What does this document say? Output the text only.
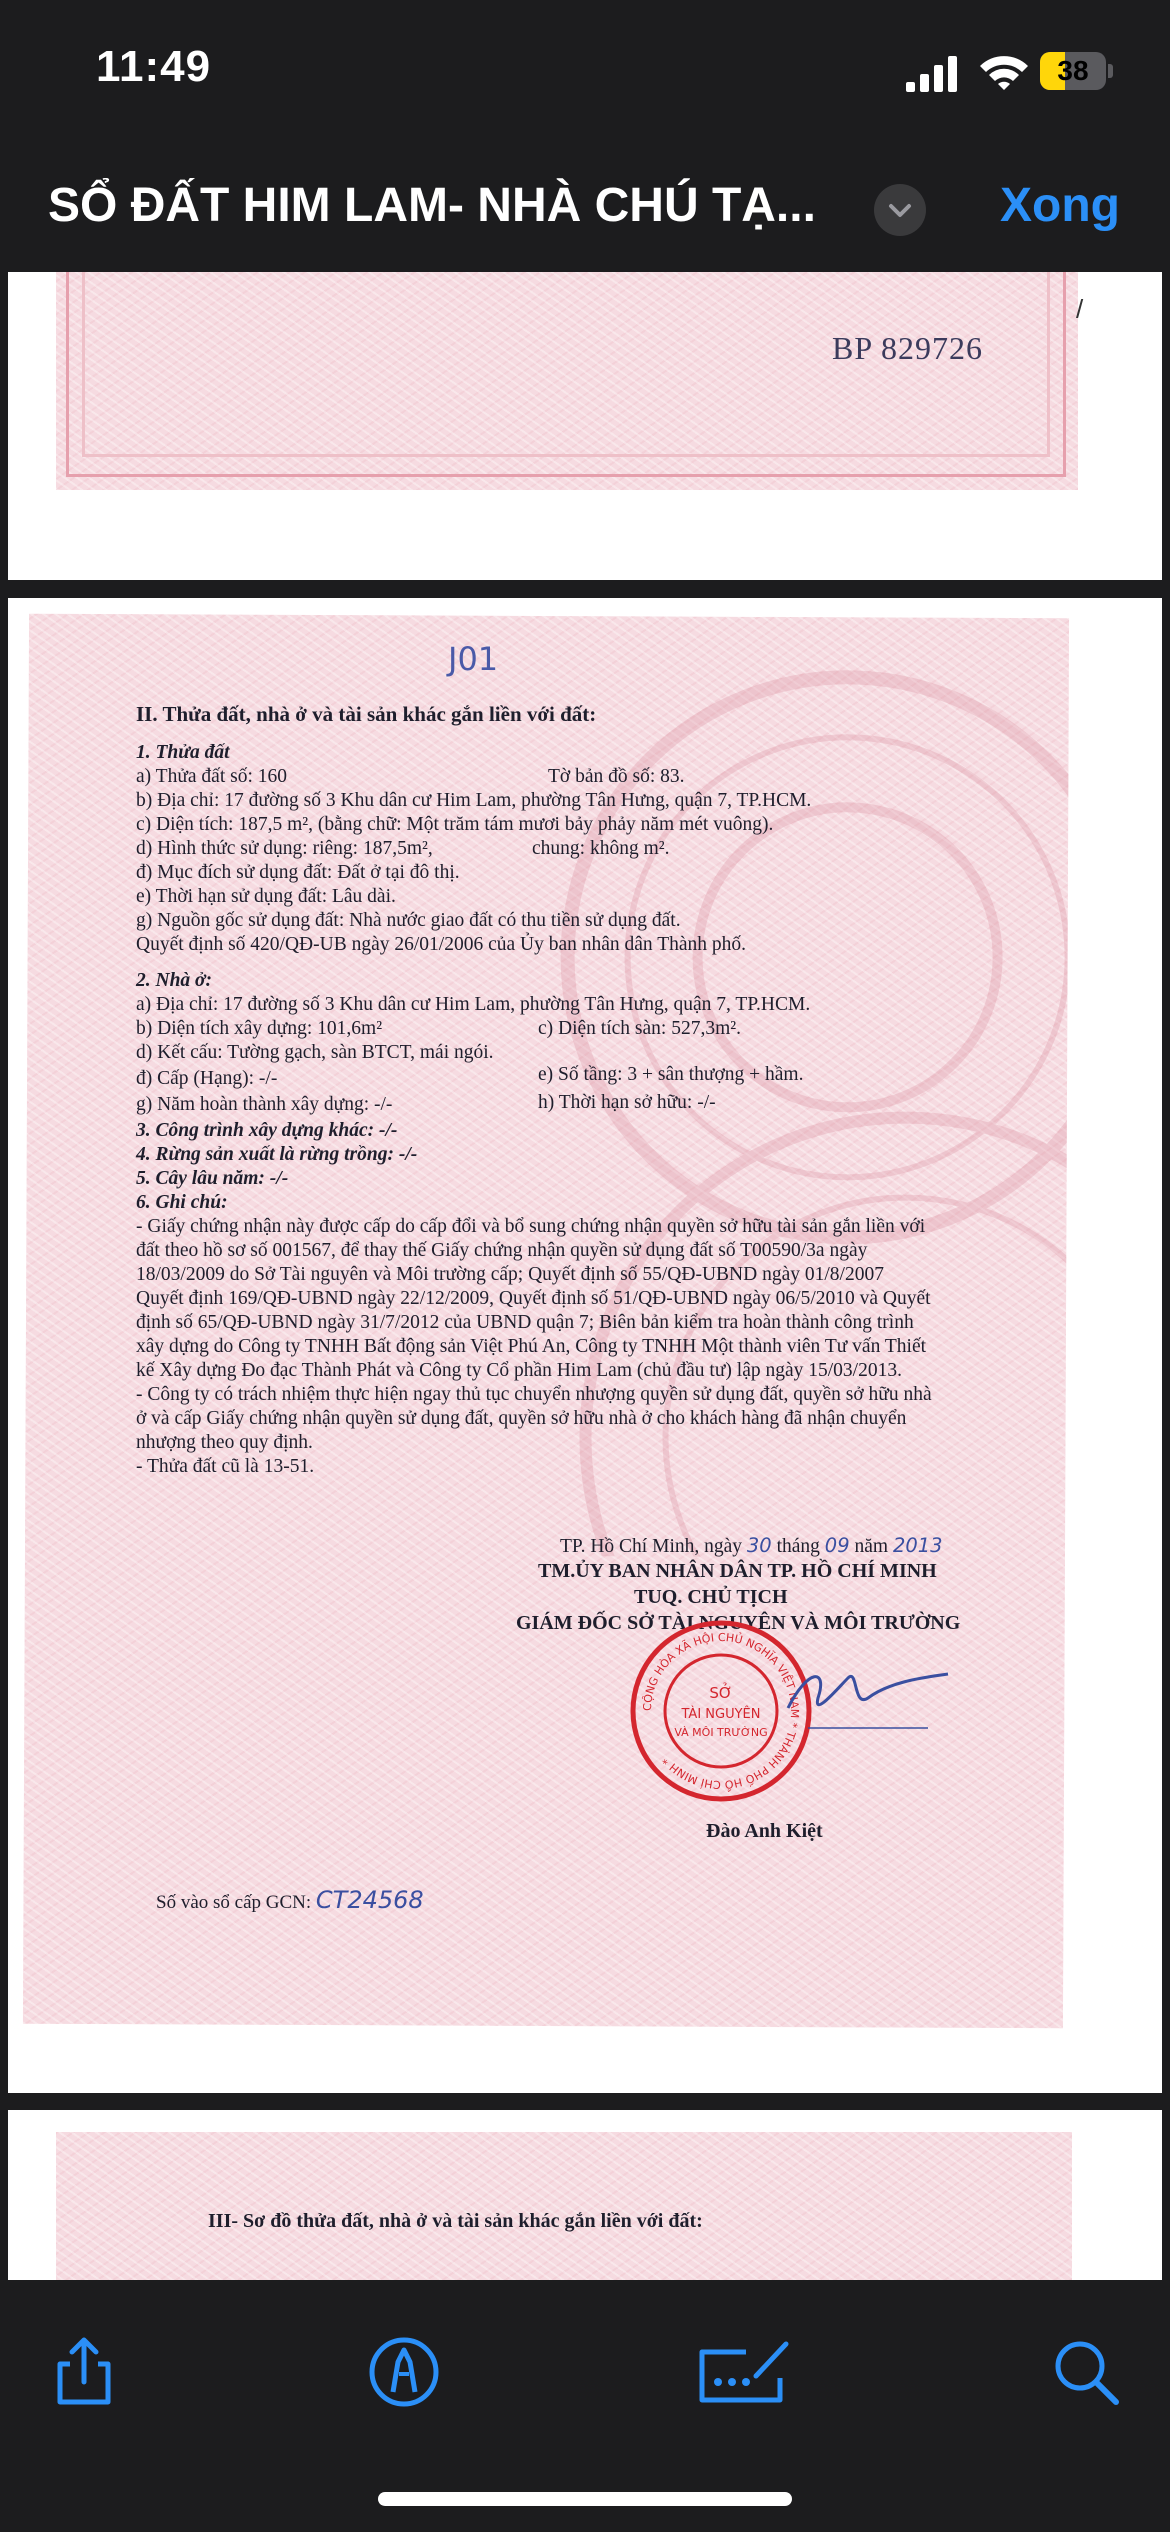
11:49	38
SỔ ĐẤT HIM LAM- NHÀ CHÚ TẠ...	Xong
BP 829726
/
J01
II. Thửa đất, nhà ở và tài sản khác gắn liền với đất:
1. Thửa đất
a) Thửa đất số: 160	Tờ bản đồ số: 83.
b) Địa chỉ: 17 đường số 3 Khu dân cư Him Lam, phường Tân Hưng, quận 7, TP.HCM.
c) Diện tích: 187,5 m², (bằng chữ: Một trăm tám mươi bảy phảy năm mét vuông).
d) Hình thức sử dụng: riêng: 187,5m²,	chung: không m².
đ) Mục đích sử dụng đất: Đất ở tại đô thị.
e) Thời hạn sử dụng đất: Lâu dài.
g) Nguồn gốc sử dụng đất: Nhà nước giao đất có thu tiền sử dụng đất.
Quyết định số 420/QĐ-UB ngày 26/01/2006 của Ủy ban nhân dân Thành phố.
2. Nhà ở:
a) Địa chỉ: 17 đường số 3 Khu dân cư Him Lam, phường Tân Hưng, quận 7, TP.HCM.
b) Diện tích xây dựng: 101,6m²	c) Diện tích sàn: 527,3m².
d) Kết cấu: Tường gạch, sàn BTCT, mái ngói.
đ) Cấp (Hạng): -/-	e) Số tầng: 3 + sân thượng + hầm.
g) Năm hoàn thành xây dựng: -/-	h) Thời hạn sở hữu: -/-
3. Công trình xây dựng khác: -/-
4. Rừng sản xuất là rừng trồng: -/-
5. Cây lâu năm: -/-
6. Ghi chú:
- Giấy chứng nhận này được cấp do cấp đổi và bổ sung chứng nhận quyền sở hữu tài sản gắn liền với
đất theo hồ sơ số 001567, để thay thế Giấy chứng nhận quyền sử dụng đất số T00590/3a ngày
18/03/2009 do Sở Tài nguyên và Môi trường cấp; Quyết định số 55/QĐ-UBND ngày 01/8/2007
Quyết định 169/QĐ-UBND ngày 22/12/2009, Quyết định số 51/QĐ-UBND ngày 06/5/2010 và Quyết
định số 65/QĐ-UBND ngày 31/7/2012 của UBND quận 7; Biên bản kiểm tra hoàn thành công trình
xây dựng do Công ty TNHH Bất động sản Việt Phú An, Công ty TNHH Một thành viên Tư vấn Thiết
kế Xây dựng Đo đạc Thành Phát và Công ty Cổ phần Him Lam (chủ đầu tư) lập ngày 15/03/2013.
- Công ty có trách nhiệm thực hiện ngay thủ tục chuyển nhượng quyền sử dụng đất, quyền sở hữu nhà
ở và cấp Giấy chứng nhận quyền sử dụng đất, quyền sở hữu nhà ở cho khách hàng đã nhận chuyển
nhượng theo quy định.
- Thửa đất cũ là 13-51.
TP. Hồ Chí Minh, ngày 30 tháng 09 năm 2013
TM.ỦY BAN NHÂN DÂN TP. HỒ CHÍ MINH
TUQ. CHỦ TỊCH
GIÁM ĐỐC SỞ TÀI NGUYÊN VÀ MÔI TRƯỜNG
CỘNG HÒA XÃ HỘI CHỦ NGHĨA VIỆT NAM * THÀNH PHỐ HỒ CHÍ MINH *
SỞ
TÀI NGUYÊN
VÀ MÔI TRƯỜNG
Đào Anh Kiệt
Số vào sổ cấp GCN: CT24568
III- Sơ đồ thửa đất, nhà ở và tài sản khác gắn liền với đất:
